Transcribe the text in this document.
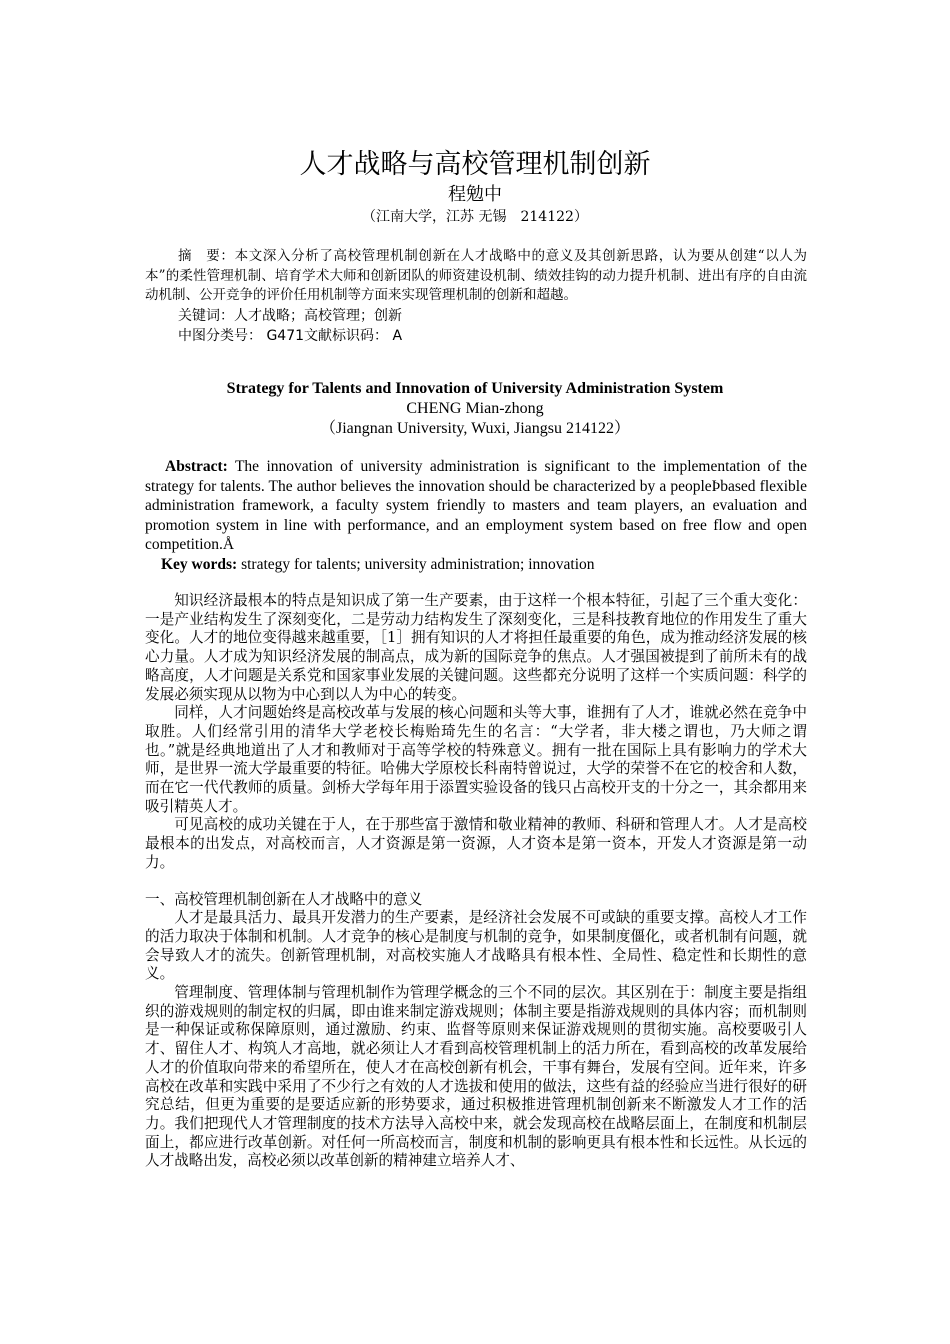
人才战略与高校管理机制创新
程勉中
（江南大学，江苏 无锡　214122）

摘　要：本文深入分析了高校管理机制创新在人才战略中的意义及其创新思路，认为要从创建“以人为本”的柔性管理机制、培育学术大师和创新团队的师资建设机制、绩效挂钩的动力提升机制、进出有序的自由流动机制、公开竞争的评价任用机制等方面来实现管理机制的创新和超越。

关键词：人才战略；高校管理；创新

中图分类号： G471文献标识码： A

Strategy for Talents and Innovation of University Administration System
CHENG Mian-zhong
（Jiangnan University, Wuxi, Jiangsu 214122）

Abstract: The innovation of university administration is significant to the implementation of the strategy for talents. The author believes the innovation should be characterized by a peopleÞbased flexible administration framework, a faculty system friendly to masters and team players, an evaluation and promotion system in line with performance, and an employment system based on free flow and open competition.Å

Key words: strategy for talents; university administration; innovation

知识经济最根本的特点是知识成了第一生产要素，由于这样一个根本特征，引起了三个重大变化：一是产业结构发生了深刻变化，二是劳动力结构发生了深刻变化，三是科技教育地位的作用发生了重大变化。人才的地位变得越来越重要，［1］拥有知识的人才将担任最重要的角色，成为推动经济发展的核心力量。人才成为知识经济发展的制高点，成为新的国际竞争的焦点。人才强国被提到了前所未有的战略高度，人才问题是关系党和国家事业发展的关键问题。这些都充分说明了这样一个实质问题：科学的发展必须实现从以物为中心到以人为中心的转变。

同样，人才问题始终是高校改革与发展的核心问题和头等大事，谁拥有了人才，谁就必然在竞争中取胜。人们经常引用的清华大学老校长梅贻琦先生的名言：“大学者，非大楼之谓也，乃大师之谓也。”就是经典地道出了人才和教师对于高等学校的特殊意义。拥有一批在国际上具有影响力的学术大师，是世界一流大学最重要的特征。哈佛大学原校长科南特曾说过，大学的荣誉不在它的校舍和人数，而在它一代代教师的质量。剑桥大学每年用于添置实验设备的钱只占高校开支的十分之一，其余都用来吸引精英人才。

可见高校的成功关键在于人，在于那些富于激情和敬业精神的教师、科研和管理人才。人才是高校最根本的出发点，对高校而言，人才资源是第一资源，人才资本是第一资本，开发人才资源是第一动力。

一、高校管理机制创新在人才战略中的意义

人才是最具活力、最具开发潜力的生产要素，是经济社会发展不可或缺的重要支撑。高校人才工作的活力取决于体制和机制。人才竞争的核心是制度与机制的竞争，如果制度僵化，或者机制有问题，就会导致人才的流失。创新管理机制，对高校实施人才战略具有根本性、全局性、稳定性和长期性的意义。

管理制度、管理体制与管理机制作为管理学概念的三个不同的层次。其区别在于：制度主要是指组织的游戏规则的制定权的归属，即由谁来制定游戏规则；体制主要是指游戏规则的具体内容；而机制则是一种保证或称保障原则，通过激励、约束、监督等原则来保证游戏规则的贯彻实施。高校要吸引人才、留住人才、构筑人才高地，就必须让人才看到高校管理机制上的活力所在，看到高校的改革发展给人才的价值取向带来的希望所在，使人才在高校创新有机会，干事有舞台，发展有空间。近年来，许多高校在改革和实践中采用了不少行之有效的人才选拔和使用的做法，这些有益的经验应当进行很好的研究总结，但更为重要的是要适应新的形势要求，通过积极推进管理机制创新来不断激发人才工作的活力。我们把现代人才管理制度的技术方法导入高校中来，就会发现高校在战略层面上，在制度和机制层面上，都应进行改革创新。对任何一所高校而言，制度和机制的影响更具有根本性和长远性。从长远的人才战略出发，高校必须以改革创新的精神建立培养人才、
